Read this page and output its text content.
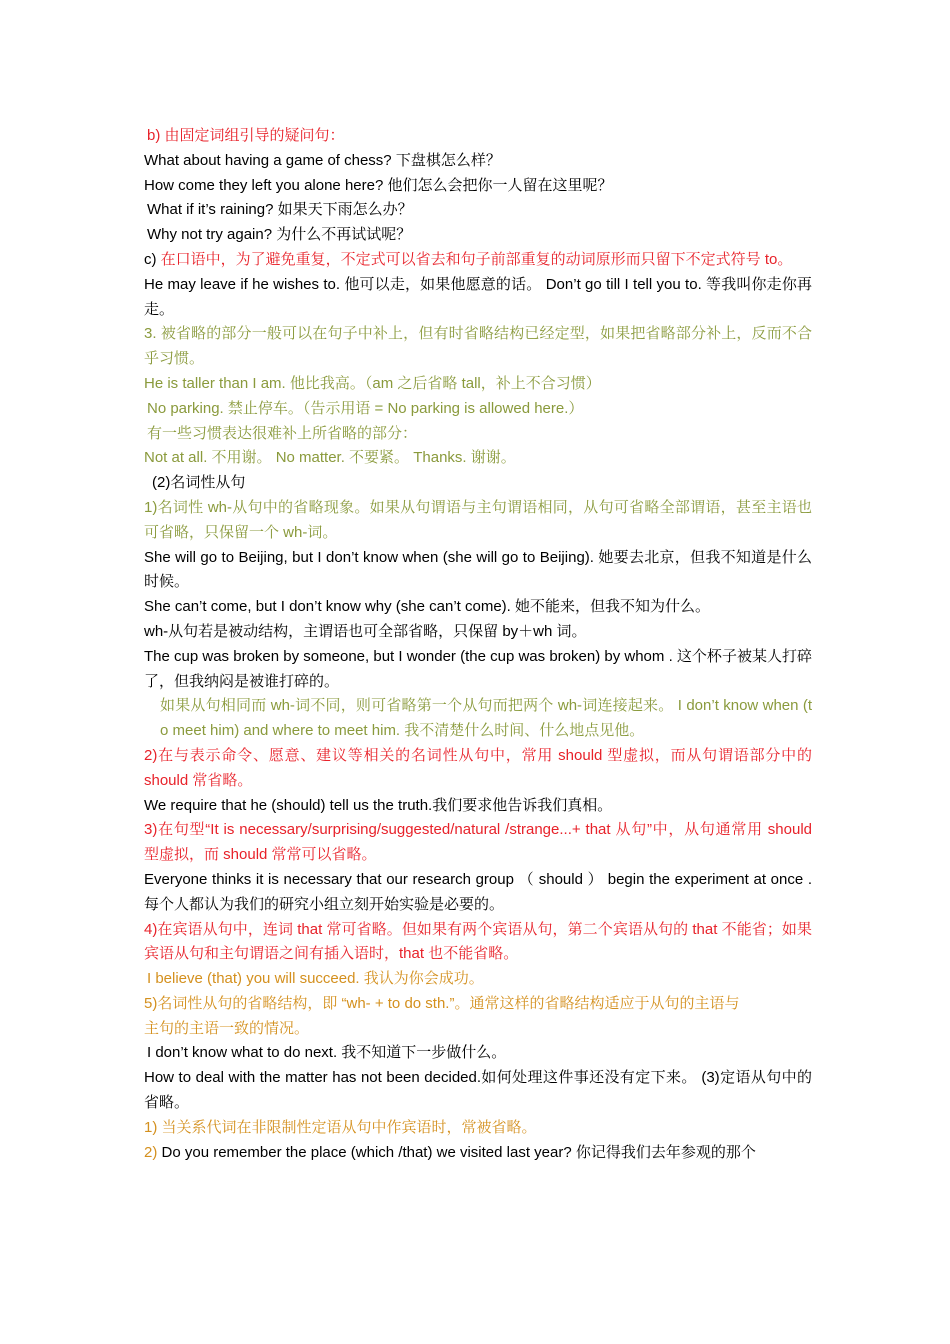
b) 由固定词组引导的疑问句：

What about having a game of chess? 下盘棋怎么样？

How come they left you alone here? 他们怎么会把你一人留在这里呢？

What if it’s raining? 如果天下雨怎么办？

Why not try again? 为什么不再试试呢？

c) 在口语中，为了避免重复，不定式可以省去和句子前部重复的动词原形而只留下不定式符号 to。

He may leave if he wishes to. 他可以走，如果他愿意的话。 Don’t go till I tell you to. 等我叫你走你再走。

3. 被省略的部分一般可以在句子中补上，但有时省略结构已经定型，如果把省略部分补上，反而不合乎习惯。

He is taller than I am. 他比我高。（am 之后省略 tall，补上不合习惯）

No parking. 禁止停车。（告示用语 = No parking is allowed here.）

有一些习惯表达很难补上所省略的部分：

Not at all. 不用谢。 No matter. 不要紧。 Thanks. 谢谢。

(2)名词性从句

1)名词性 wh-从句中的省略现象。如果从句谓语与主句谓语相同，从句可省略全部谓语，甚至主语也可省略，只保留一个 wh-词。

She will go to Beijing, but I don’t know when (she will go to Beijing). 她要去北京，但我不知道是什么时候。

She can’t come, but I don’t know why (she can’t come). 她不能来，但我不知为什么。

wh-从句若是被动结构，主谓语也可全部省略，只保留 by＋wh 词。

The cup was broken by someone, but I wonder (the cup was broken) by whom . 这个杯子被某人打碎了，但我纳闷是被谁打碎的。

如果从句相同而 wh-词不同，则可省略第一个从句而把两个 wh-词连接起来。 I don’t know when (to meet him) and where to meet him. 我不清楚什么时间、什么地点见他。

2)在与表示命令、愿意、建议等相关的名词性从句中，常用 should 型虚拟，而从句谓语部分中的 should 常省略。

We require that he (should) tell us the truth.我们要求他告诉我们真相。

3)在句型“It is necessary/surprising/suggested/natural /strange...+ that 从句”中，从句通常用 should 型虚拟，而 should 常常可以省略。

Everyone thinks it is necessary that our research group （ should ） begin the experiment at once . 每个人都认为我们的研究小组立刻开始实验是必要的。

4)在宾语从句中，连词 that 常可省略。但如果有两个宾语从句，第二个宾语从句的 that 不能省；如果宾语从句和主句谓语之间有插入语时，that 也不能省略。

I believe (that) you will succeed. 我认为你会成功。

5)名词性从句的省略结构，即 “wh- + to do sth.”。通常这样的省略结构适应于从句的主语与

主句的主语一致的情况。

I don’t know what to do next. 我不知道下一步做什么。

How to deal with the matter has not been decided.如何处理这件事还没有定下来。 (3)定语从句中的省略。

1) 当关系代词在非限制性定语从句中作宾语时，常被省略。

2) Do you remember the place (which /that) we visited last year? 你记得我们去年参观的那个
